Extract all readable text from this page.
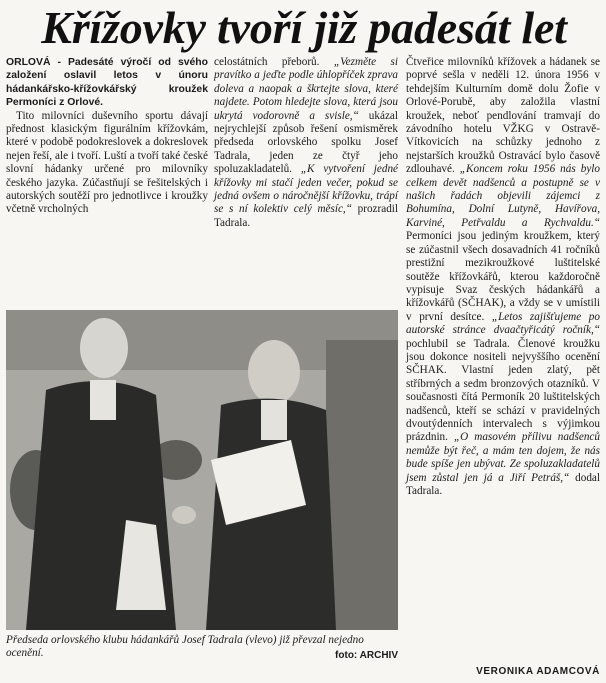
Křížovky tvoří již padesát let

ORLOVÁ - Padesáté výročí od svého založení oslavil letos v únoru hádankářsko-křížovkářský kroužek Permoníci z Orlové.

Tito milovníci duševního sportu dávají přednost klasickým figurálním křížovkám, které v podobě podokreslovek a dokreslovek nejen řeší, ale i tvoří. Luští a tvoří také české slovní hádanky určené pro milovníky českého jazyka. Zúčastňují se řešitelských i autorských soutěží pro jednotlivce i kroužky včetně vrcholných

celostátních přeborů. „Vezměte si pravítko a jeďte podle úhlopříček zprava doleva a naopak a škrtejte slova, které najdete. Potom hledejte slova, která jsou ukrytá vodorovně a svisle,“ ukázal nejrychlejší způsob řešení osmisměrek předseda orlovského spolku Josef Tadrala, jeden ze čtyř jeho spoluzakladatelů. „K vytvoření jedné křížovky mi stačí jeden večer, pokud se jedná ovšem o náročnější křížovku, trápí se s ní kolektiv celý měsíc,“ prozradil Tadrala.

Čtveřice milovníků křížovek a hádanek se poprvé sešla v neděli 12. února 1956 v tehdejším Kulturním domě dolu Žofie v Orlové-Porubě, aby založila vlastní kroužek, neboť pendlování tramvají do závodního hotelu VŽKG v Ostravě-Vítkovicích na schůzky jednoho z nejstarších kroužků Ostravácí bylo časově zdlouhavé. „Koncem roku 1956 nás bylo celkem devět nadšenců a postupně se v našich řadách objevili zájemci z Bohumína, Dolní Lutyně, Havířova, Karviné, Petřvaldu a Rychvaldu.“ Permoníci jsou jediným kroužkem, který se zúčastnil všech dosavadních 41 ročníků prestižní mezikroužkové luštitelské soutěže křížovkářů, kterou každoročně vypisuje Svaz českých hádankářů a křížovkářů (SČHAK), a vždy se v umístili v první desítce. „Letos zajišťujeme po autorské stránce dvaačtyřicátý ročník,“ pochlubil se Tadrala. Členové kroužku jsou dokonce nositeli nejvyššího ocenění SČHAK. Vlastní jeden zlatý, pět stříbrných a sedm bronzových otazníků. V současnosti čítá Permoník 20 luštitelských nadšenců, kteří se schází v pravidelných dvoutýdenních intervalech s výjimkou prázdnin. „O masovém přílivu nadšenců nemůže být řeč, a mám ten dojem, že nás bude spíše jen ubývat. Ze spoluzakladatelů jsem zůstal jen já a Jiří Petráš,“ dodal Tadrala.

Předseda orlovského klubu hádankářů Josef Tadrala (vlevo) již převzal nejedno ocenění.	foto: ARCHIV
VERONIKA ADAMCOVÁ
